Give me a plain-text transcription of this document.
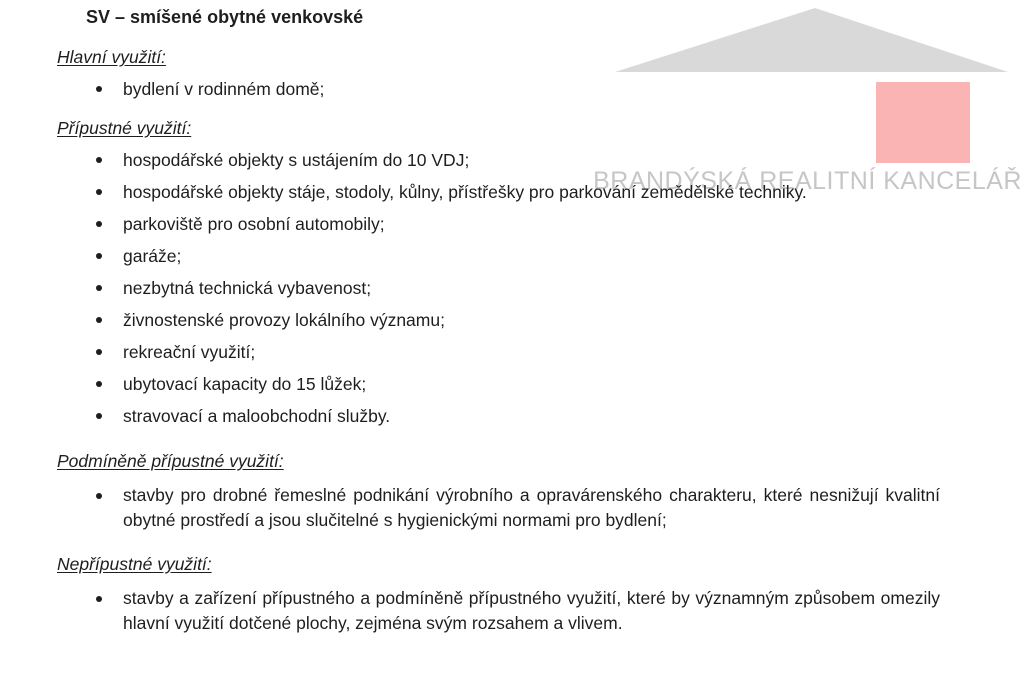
BRANDÝSKÁ REALITNÍ KANCELÁŘ
SV – smíšené obytné venkovské
Hlavní využití:
bydlení v rodinném domě;
Přípustné využití:
hospodářské objekty s ustájením do 10 VDJ;
hospodářské objekty stáje, stodoly, kůlny, přístřešky pro parkování zemědělské techniky.
parkoviště pro osobní automobily;
garáže;
nezbytná technická vybavenost;
živnostenské provozy lokálního významu;
rekreační využití;
ubytovací kapacity do 15 lůžek;
stravovací a maloobchodní služby.
Podmíněně přípustné využití:
stavby pro drobné řemeslné podnikání výrobního a opravárenského charakteru, které nesnižují kvalitní obytné prostředí a jsou slučitelné s hygienickými normami pro bydlení;
Nepřípustné využití:
stavby a zařízení přípustného a podmíněně přípustného využití, které by významným způsobem omezily hlavní využití dotčené plochy, zejména svým rozsahem a vlivem.
